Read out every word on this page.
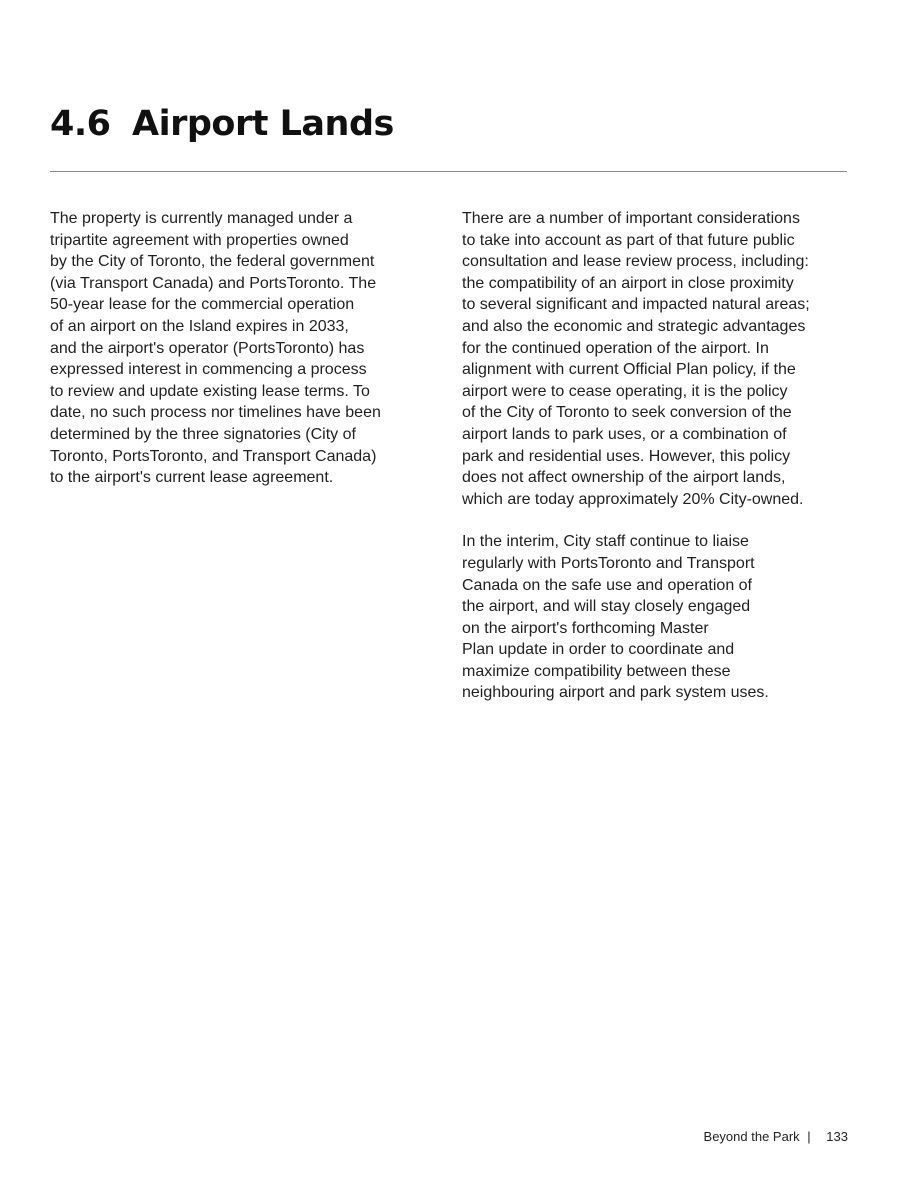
4.6 Airport Lands

The property is currently managed under a
tripartite agreement with properties owned
by the City of Toronto, the federal government
(via Transport Canada) and PortsToronto. The
50-year lease for the commercial operation
of an airport on the Island expires in 2033,
and the airport's operator (PortsToronto) has
expressed interest in commencing a process
to review and update existing lease terms. To
date, no such process nor timelines have been
determined by the three signatories (City of
Toronto, PortsToronto, and Transport Canada)
to the airport's current lease agreement.

There are a number of important considerations
to take into account as part of that future public
consultation and lease review process, including:
the compatibility of an airport in close proximity
to several significant and impacted natural areas;
and also the economic and strategic advantages
for the continued operation of the airport. In
alignment with current Official Plan policy, if the
airport were to cease operating, it is the policy
of the City of Toronto to seek conversion of the
airport lands to park uses, or a combination of
park and residential uses. However, this policy
does not affect ownership of the airport lands,
which are today approximately 20% City-owned.

In the interim, City staff continue to liaise
regularly with PortsToronto and Transport
Canada on the safe use and operation of
the airport, and will stay closely engaged
on the airport's forthcoming Master
Plan update in order to coordinate and
maximize compatibility between these
neighbouring airport and park system uses.

Beyond the Park | 133
